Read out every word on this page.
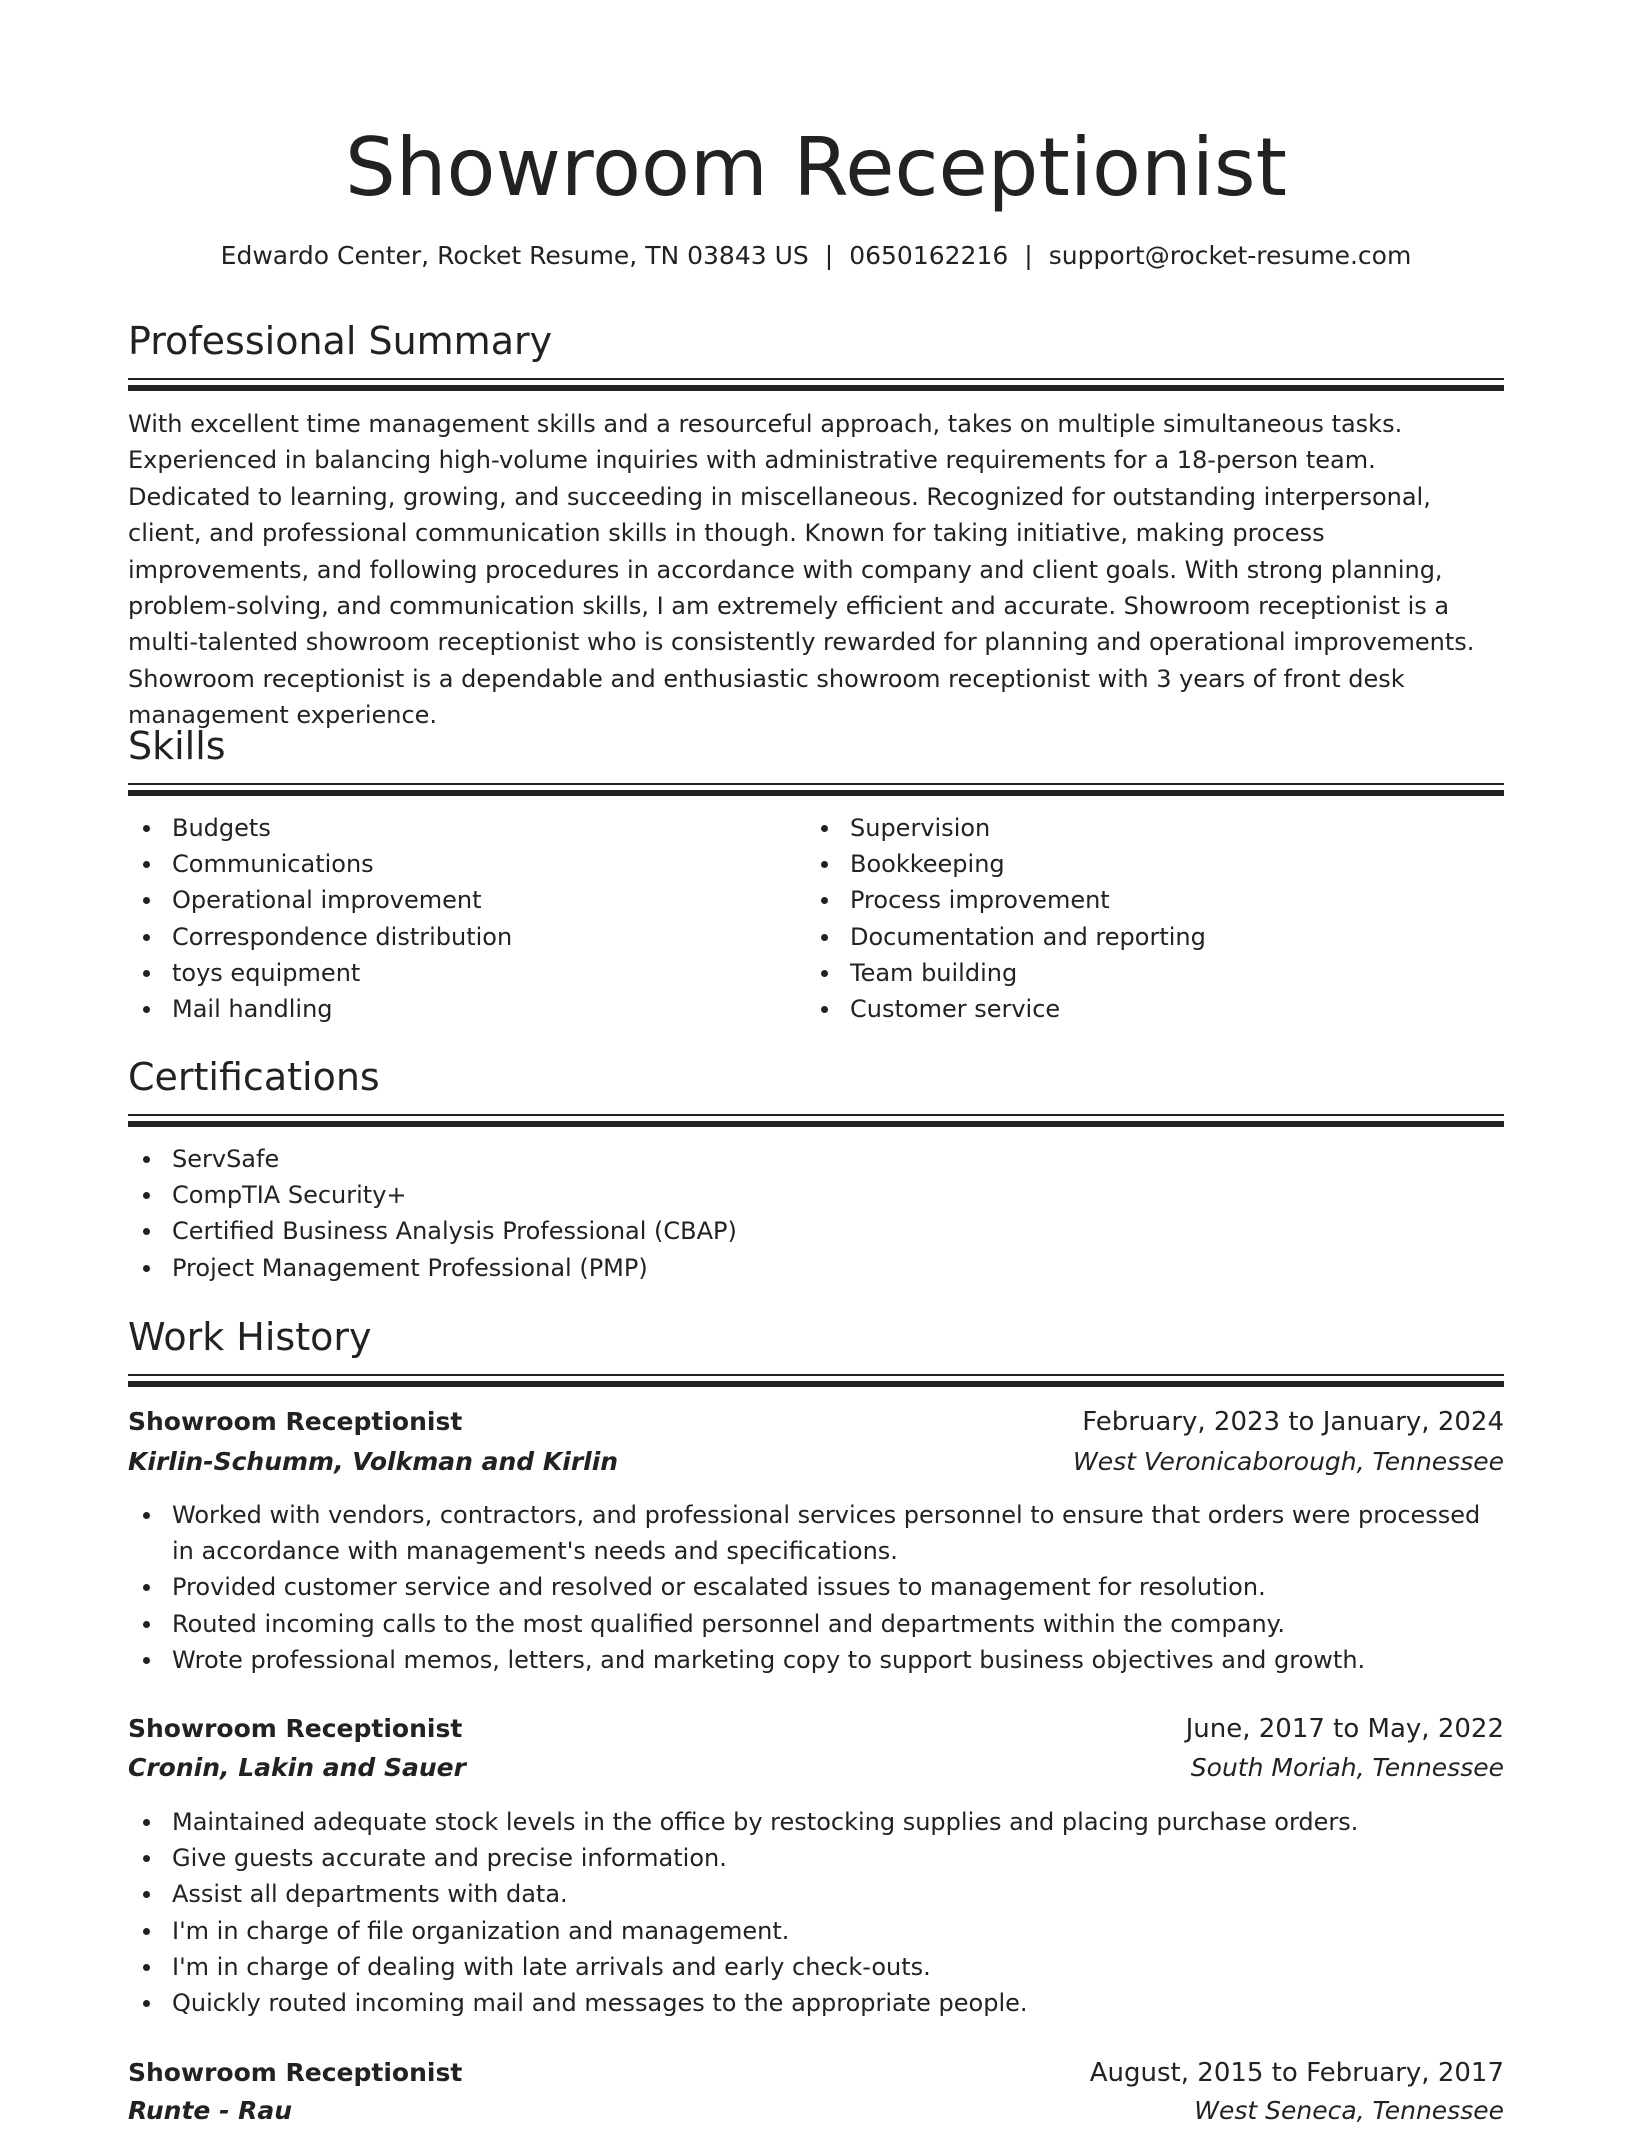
Showroom Receptionist
Edwardo Center, Rocket Resume, TN 03843 US | 0650162216 | support@rocket-resume.com
Professional Summary

With excellent time management skills and a resourceful approach, takes on multiple simultaneous tasks. Experienced in balancing high-volume inquiries with administrative requirements for a 18-person team. Dedicated to learning, growing, and succeeding in miscellaneous. Recognized for outstanding interpersonal, client, and professional communication skills in though. Known for taking initiative, making process improvements, and following procedures in accordance with company and client goals. With strong planning, problem-solving, and communication skills, I am extremely efficient and accurate. Showroom receptionist is a multi-talented showroom receptionist who is consistently rewarded for planning and operational improvements. Showroom receptionist is a dependable and enthusiastic showroom receptionist with 3 years of front desk management experience.

Skills
Budgets
Communications
Operational improvement
Correspondence distribution
toys equipment
Mail handling
Supervision
Bookkeeping
Process improvement
Documentation and reporting
Team building
Customer service
Certifications
ServSafe
CompTIA Security+
Certified Business Analysis Professional (CBAP)
Project Management Professional (PMP)
Work History
Showroom Receptionist	February, 2023 to January, 2024
Kirlin-Schumm, Volkman and Kirlin	West Veronicaborough, Tennessee
Worked with vendors, contractors, and professional services personnel to ensure that orders were processed in accordance with management's needs and specifications.
Provided customer service and resolved or escalated issues to management for resolution.
Routed incoming calls to the most qualified personnel and departments within the company.
Wrote professional memos, letters, and marketing copy to support business objectives and growth.
Showroom Receptionist	June, 2017 to May, 2022
Cronin, Lakin and Sauer	South Moriah, Tennessee
Maintained adequate stock levels in the office by restocking supplies and placing purchase orders.
Give guests accurate and precise information.
Assist all departments with data.
I'm in charge of file organization and management.
I'm in charge of dealing with late arrivals and early check-outs.
Quickly routed incoming mail and messages to the appropriate people.
Showroom Receptionist	August, 2015 to February, 2017
Runte - Rau	West Seneca, Tennessee
